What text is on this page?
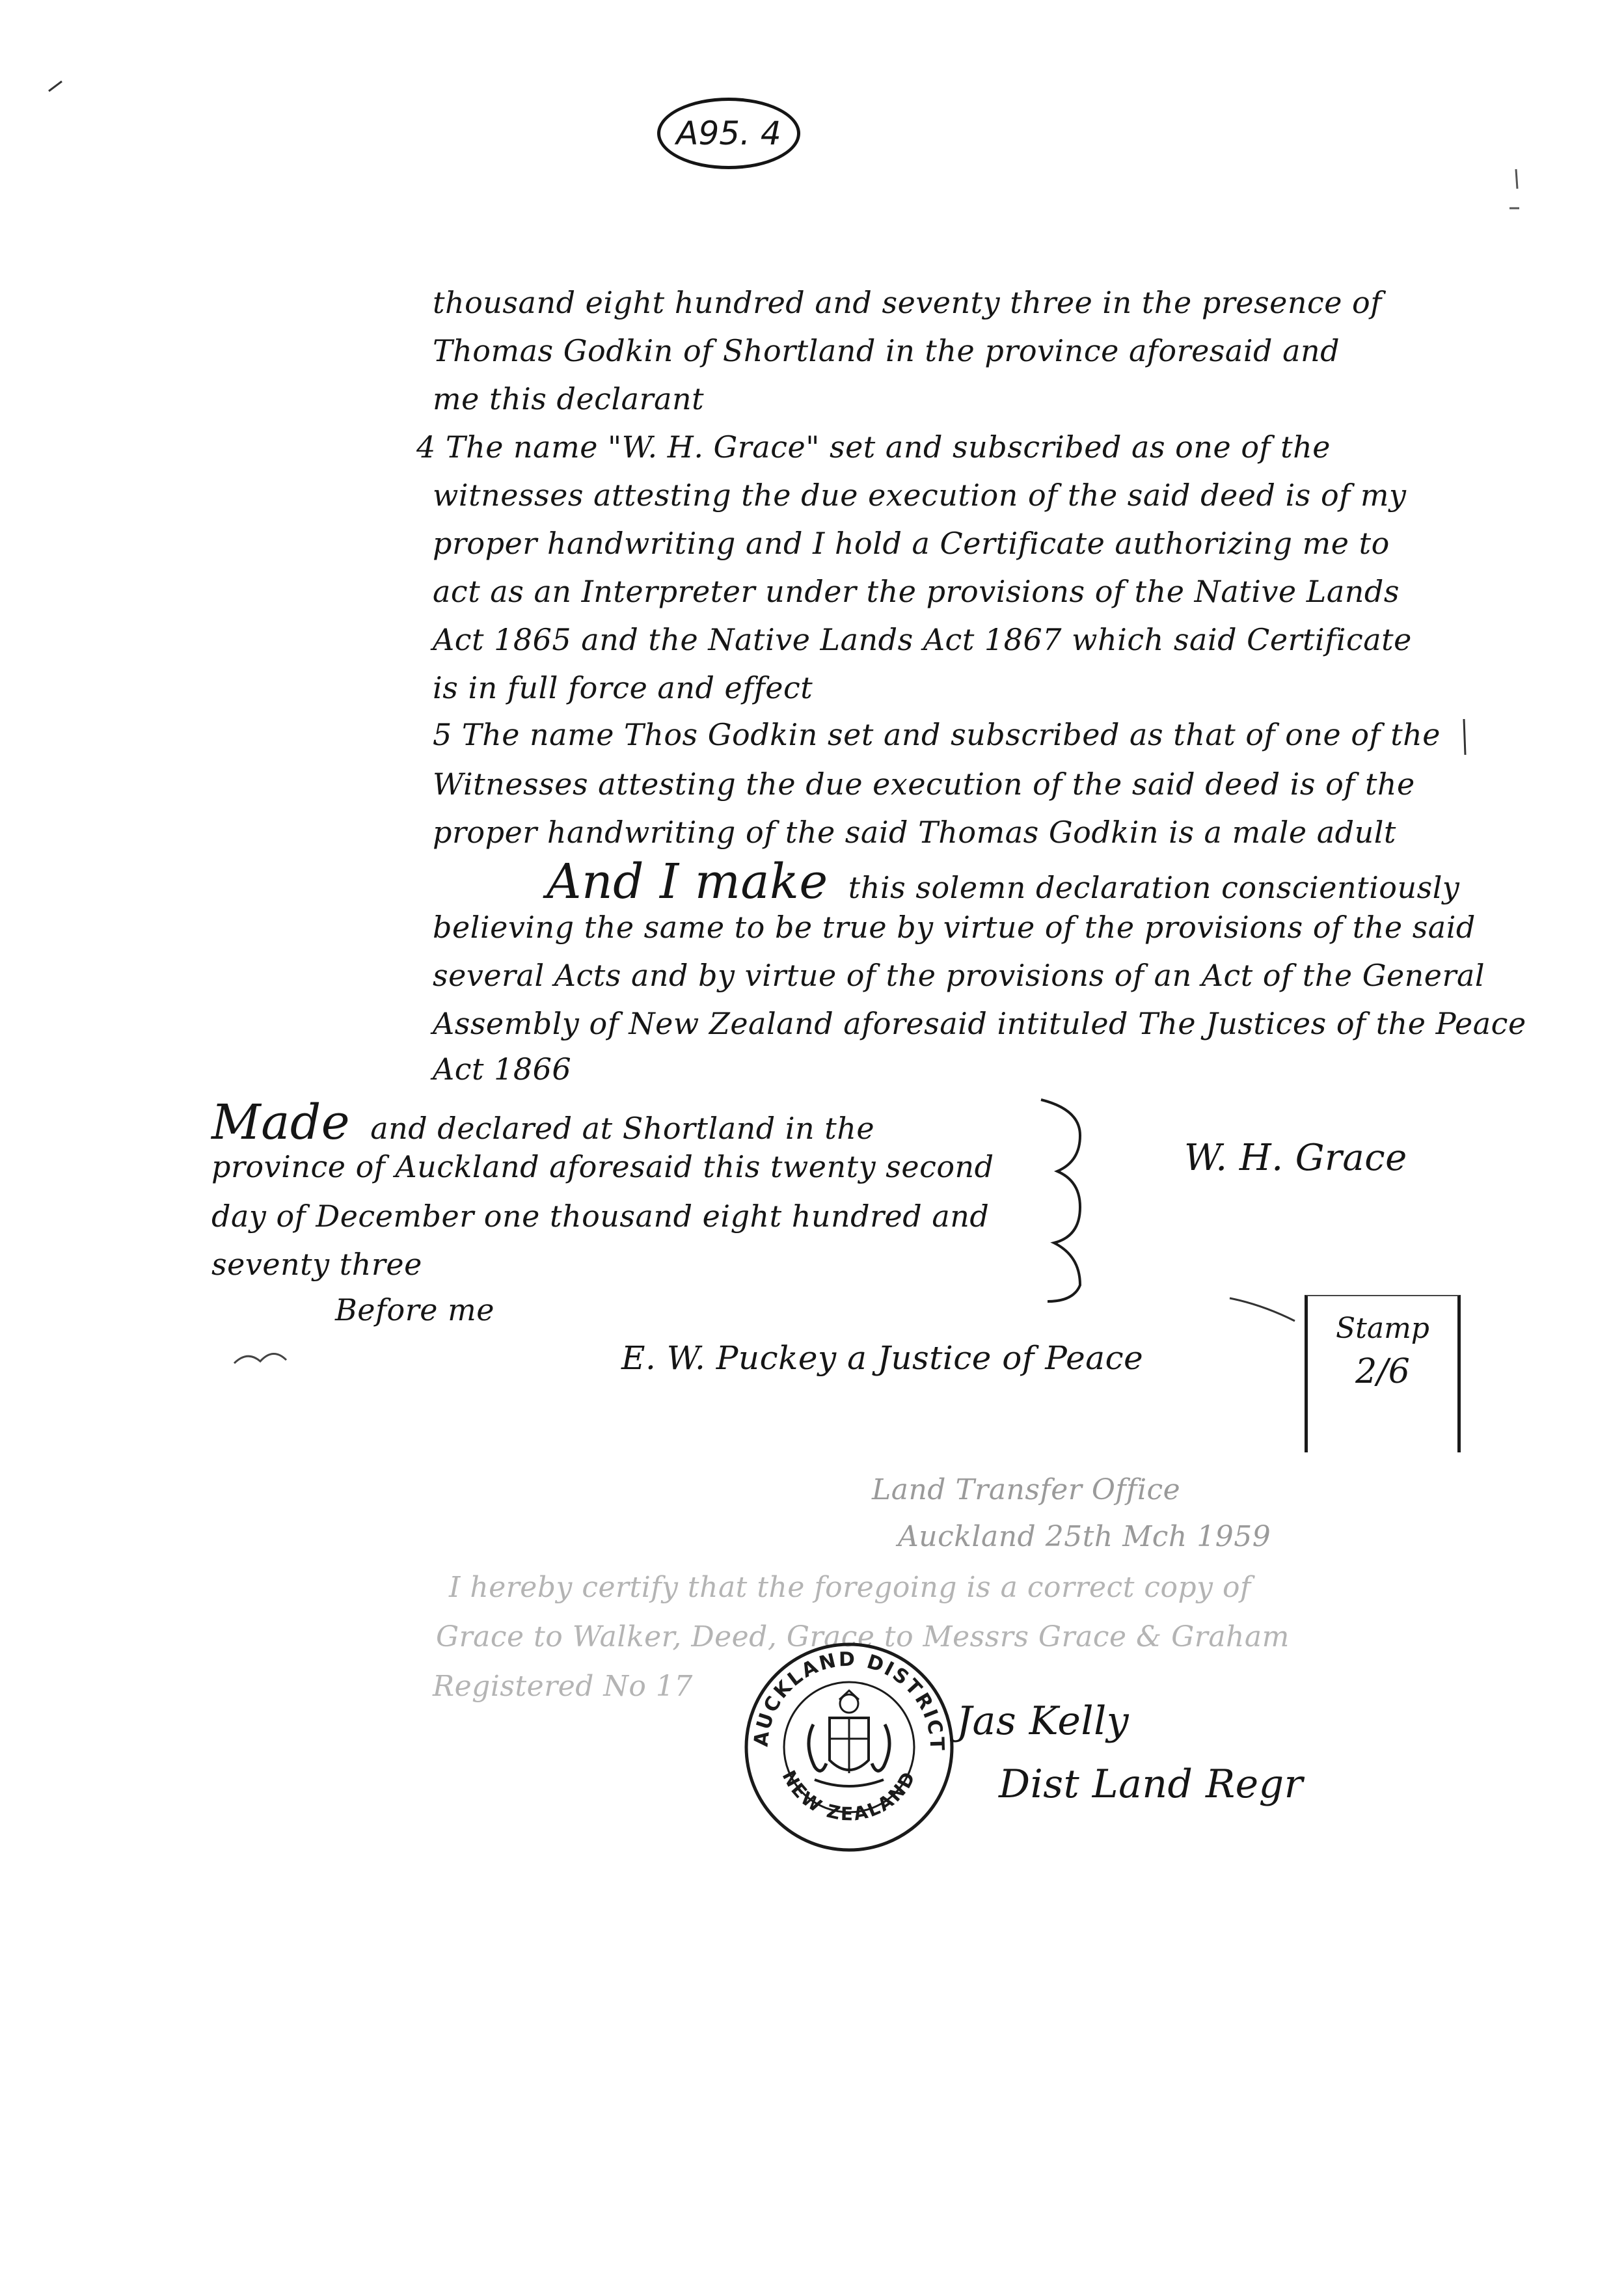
A95. 4
thousand eight hundred and seventy three in the presence of
Thomas Godkin of Shortland in the province aforesaid and
me this declarant
4 The name "W. H. Grace" set and subscribed as one of the
witnesses attesting the due execution of the said deed is of my
proper handwriting and I hold a Certificate authorizing me to
act as an Interpreter under the provisions of the Native Lands
Act 1865 and the Native Lands Act 1867 which said Certificate
is in full force and effect
5 The name Thos Godkin set and subscribed as that of one of the
Witnesses attesting the due execution of the said deed is of the
proper handwriting of the said Thomas Godkin is a male adult
And I make this solemn declaration conscientiously
believing the same to be true by virtue of the provisions of the said
several Acts and by virtue of the provisions of an Act of the General
Assembly of New Zealand aforesaid intituled The Justices of the Peace
Act 1866
Made and declared at Shortland in the
province of Auckland aforesaid this twenty second
day of December one thousand eight hundred and
seventy three
W. H. Grace
Before me
E. W. Puckey a Justice of Peace
Stamp
2/6
Land Transfer Office
Auckland 25th Mch 1959
I hereby certify that the foregoing is a correct copy of
Grace to Walker, Deed, Grace to Messrs Grace & Graham
Registered No 17
AUCKLAND DISTRICT
NEW ZEALAND
Jas Kelly
Dist Land Regr
